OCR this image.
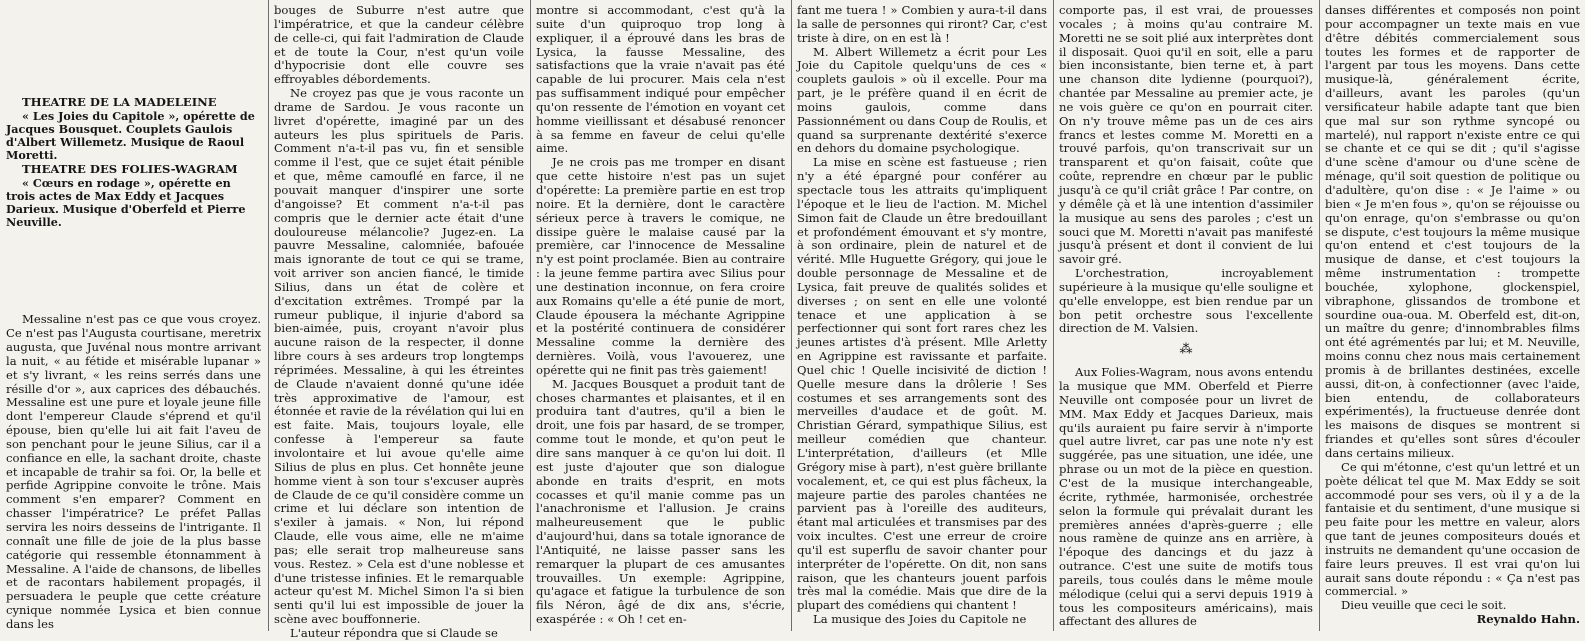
THEATRE DE LA MADELEINE

« Les Joies du Capitole », opérette de Jacques Bousquet. Couplets Gaulois d'Albert Willemetz. Musique de Raoul Moretti.

THEATRE DES FOLIES-WAGRAM

« Cœurs en rodage », opérette en trois actes de Max Eddy et Jacques Darieux. Musique d'Oberfeld et Pierre Neuville.

Messaline n'est pas ce que vous croyez. Ce n'est pas l'Augusta courtisane, meretrix augusta, que Juvénal nous montre arrivant la nuit, « au fétide et misérable lupanar » et s'y livrant, « les reins serrés dans une résille d'or », aux caprices des débauchés. Messaline est une pure et loyale jeune fille dont l'empereur Claude s'éprend et qu'il épouse, bien qu'elle lui ait fait l'aveu de son penchant pour le jeune Silius, car il a confiance en elle, la sachant droite, chaste et incapable de trahir sa foi. Or, la belle et perfide Agrippine convoite le trône. Mais comment s'en emparer? Comment en chasser l'impératrice? Le préfet Pallas servira les noirs desseins de l'intrigante. Il connaît une fille de joie de la plus basse catégorie qui ressemble étonnamment à Messaline. A l'aide de chansons, de libelles et de racontars habilement propagés, il persuadera le peuple que cette créature cynique nommée Lysica et bien connue dans les

bouges de Suburre n'est autre que l'impératrice, et que la candeur célèbre de celle-ci, qui fait l'admiration de Claude et de toute la Cour, n'est qu'un voile d'hypocrisie dont elle couvre ses effroyables débordements.

Ne croyez pas que je vous raconte un drame de Sardou. Je vous raconte un livret d'opérette, imaginé par un des auteurs les plus spirituels de Paris. Comment n'a-t-il pas vu, fin et sensible comme il l'est, que ce sujet était pénible et que, même camouflé en farce, il ne pouvait manquer d'inspirer une sorte d'angoisse? Et comment n'a-t-il pas compris que le dernier acte était d'une douloureuse mélancolie? Jugez-en. La pauvre Messaline, calomniée, bafouée mais ignorante de tout ce qui se trame, voit arriver son ancien fiancé, le timide Silius, dans un état de colère et d'excitation extrêmes. Trompé par la rumeur publique, il injurie d'abord sa bien-aimée, puis, croyant n'avoir plus aucune raison de la respecter, il donne libre cours à ses ardeurs trop longtemps réprimées. Messaline, à qui les étreintes de Claude n'avaient donné qu'une idée très approximative de l'amour, est étonnée et ravie de la révélation qui lui en est faite. Mais, toujours loyale, elle confesse à l'empereur sa faute involontaire et lui avoue qu'elle aime Silius de plus en plus. Cet honnête jeune homme vient à son tour s'excuser auprès de Claude de ce qu'il considère comme un crime et lui déclare son intention de s'exiler à jamais. « Non, lui répond Claude, elle vous aime, elle ne m'aime pas; elle serait trop malheureuse sans vous. Restez. » Cela est d'une noblesse et d'une tristesse infinies. Et le remarquable acteur qu'est M. Michel Simon l'a si bien senti qu'il lui est impossible de jouer la scène avec bouffonnerie.

L'auteur répondra que si Claude se

montre si accommodant, c'est qu'à la suite d'un quiproquo trop long à expliquer, il a éprouvé dans les bras de Lysica, la fausse Messaline, des satisfactions que la vraie n'avait pas été capable de lui procurer. Mais cela n'est pas suffisamment indiqué pour empêcher qu'on ressente de l'émotion en voyant cet homme vieillissant et désabusé renoncer à sa femme en faveur de celui qu'elle aime.

Je ne crois pas me tromper en disant que cette histoire n'est pas un sujet d'opérette: La première partie en est trop noire. Et la dernière, dont le caractère sérieux perce à travers le comique, ne dissipe guère le malaise causé par la première, car l'innocence de Messaline n'y est point proclamée. Bien au contraire : la jeune femme partira avec Silius pour une destination inconnue, on fera croire aux Romains qu'elle a été punie de mort, Claude épousera la méchante Agrippine et la postérité continuera de considérer Messaline comme la dernière des dernières. Voilà, vous l'avouerez, une opérette qui ne finit pas très gaiement!

M. Jacques Bousquet a produit tant de choses charmantes et plaisantes, et il en produira tant d'autres, qu'il a bien le droit, une fois par hasard, de se tromper, comme tout le monde, et qu'on peut le dire sans manquer à ce qu'on lui doit. Il est juste d'ajouter que son dialogue abonde en traits d'esprit, en mots cocasses et qu'il manie comme pas un l'anachronisme et l'allusion. Je crains malheureusement que le public d'aujourd'hui, dans sa totale ignorance de l'Antiquité, ne laisse passer sans les remarquer la plupart de ces amusantes trouvailles. Un exemple: Agrippine, qu'agace et fatigue la turbulence de son fils Néron, âgé de dix ans, s'écrie, exaspérée : « Oh ! cet en-

fant me tuera ! » Combien y aura-t-il dans la salle de personnes qui riront? Car, c'est triste à dire, on en est là !

M. Albert Willemetz a écrit pour Les Joie du Capitole quelqu'uns de ces « couplets gaulois » où il excelle. Pour ma part, je le préfère quand il en écrit de moins gaulois, comme dans Passionnément ou dans Coup de Roulis, et quand sa surprenante dextérité s'exerce en dehors du domaine psychologique.

La mise en scène est fastueuse ; rien n'y a été épargné pour conférer au spectacle tous les attraits qu'impliquent l'époque et le lieu de l'action. M. Michel Simon fait de Claude un être bredouillant et profondément émouvant et s'y montre, à son ordinaire, plein de naturel et de vérité. Mlle Huguette Grégory, qui joue le double personnage de Messaline et de Lysica, fait preuve de qualités solides et diverses ; on sent en elle une volonté tenace et une application à se perfectionner qui sont fort rares chez les jeunes artistes d'à présent. Mlle Arletty en Agrippine est ravissante et parfaite. Quel chic ! Quelle incisivité de diction ! Quelle mesure dans la drôlerie ! Ses costumes et ses arrangements sont des merveilles d'audace et de goût. M. Christian Gérard, sympathique Silius, est meilleur comédien que chanteur. L'interprétation, d'ailleurs (et Mlle Grégory mise à part), n'est guère brillante vocalement, et, ce qui est plus fâcheux, la majeure partie des paroles chantées ne parvient pas à l'oreille des auditeurs, étant mal articulées et transmises par des voix incultes. C'est une erreur de croire qu'il est superflu de savoir chanter pour interpréter de l'opérette. On dit, non sans raison, que les chanteurs jouent parfois très mal la comédie. Mais que dire de la plupart des comédiens qui chantent !

La musique des Joies du Capitole ne

comporte pas, il est vrai, de prouesses vocales ; à moins qu'au contraire M. Moretti ne se soit plié aux interprètes dont il disposait. Quoi qu'il en soit, elle a paru bien inconsistante, bien terne et, à part une chanson dite lydienne (pourquoi?), chantée par Messaline au premier acte, je ne vois guère ce qu'on en pourrait citer. On n'y trouve même pas un de ces airs francs et lestes comme M. Moretti en a trouvé parfois, qu'on transcrivait sur un transparent et qu'on faisait, coûte que coûte, reprendre en chœur par le public jusqu'à ce qu'il criât grâce ! Par contre, on y démêle çà et là une intention d'assimiler la musique au sens des paroles ; c'est un souci que M. Moretti n'avait pas manifesté jusqu'à présent et dont il convient de lui savoir gré.

L'orchestration, incroyablement supérieure à la musique qu'elle souligne et qu'elle enveloppe, est bien rendue par un bon petit orchestre sous l'excellente direction de M. Valsien.

⁂

Aux Folies-Wagram, nous avons entendu la musique que MM. Oberfeld et Pierre Neuville ont composée pour un livret de MM. Max Eddy et Jacques Darieux, mais qu'ils auraient pu faire servir à n'importe quel autre livret, car pas une note n'y est suggérée, pas une situation, une idée, une phrase ou un mot de la pièce en question. C'est de la musique interchangeable, écrite, rythmée, harmonisée, orchestrée selon la formule qui prévalait durant les premières années d'après-guerre ; elle nous ramène de quinze ans en arrière, à l'époque des dancings et du jazz à outrance. C'est une suite de motifs tous pareils, tous coulés dans le même moule mélodique (celui qui a servi depuis 1919 à tous les compositeurs américains), mais affectant des allures de

danses différentes et composés non point pour accompagner un texte mais en vue d'être débités commercialement sous toutes les formes et de rapporter de l'argent par tous les moyens. Dans cette musique-là, généralement écrite, d'ailleurs, avant les paroles (qu'un versificateur habile adapte tant que bien que mal sur son rythme syncopé ou martelé), nul rapport n'existe entre ce qui se chante et ce qui se dit ; qu'il s'agisse d'une scène d'amour ou d'une scène de ménage, qu'il soit question de politique ou d'adultère, qu'on dise : « Je l'aime » ou bien « Je m'en fous », qu'on se réjouisse ou qu'on enrage, qu'on s'embrasse ou qu'on se dispute, c'est toujours la même musique qu'on entend et c'est toujours de la musique de danse, et c'est toujours la même instrumentation : trompette bouchée, xylophone, glockenspiel, vibraphone, glissandos de trombone et sourdine oua-oua. M. Oberfeld est, dit-on, un maître du genre; d'innombrables films ont été agrémentés par lui; et M. Neuville, moins connu chez nous mais certainement promis à de brillantes destinées, excelle aussi, dit-on, à confectionner (avec l'aide, bien entendu, de collaborateurs expérimentés), la fructueuse denrée dont les maisons de disques se montrent si friandes et qu'elles sont sûres d'écouler dans certains milieux.

Ce qui m'étonne, c'est qu'un lettré et un poète délicat tel que M. Max Eddy se soit accommodé pour ses vers, où il y a de la fantaisie et du sentiment, d'une musique si peu faite pour les mettre en valeur, alors que tant de jeunes compositeurs doués et instruits ne demandent qu'une occasion de faire leurs preuves. Il est vrai qu'on lui aurait sans doute répondu : « Ça n'est pas commercial. »

Dieu veuille que ceci le soit.

Reynaldo Hahn.
